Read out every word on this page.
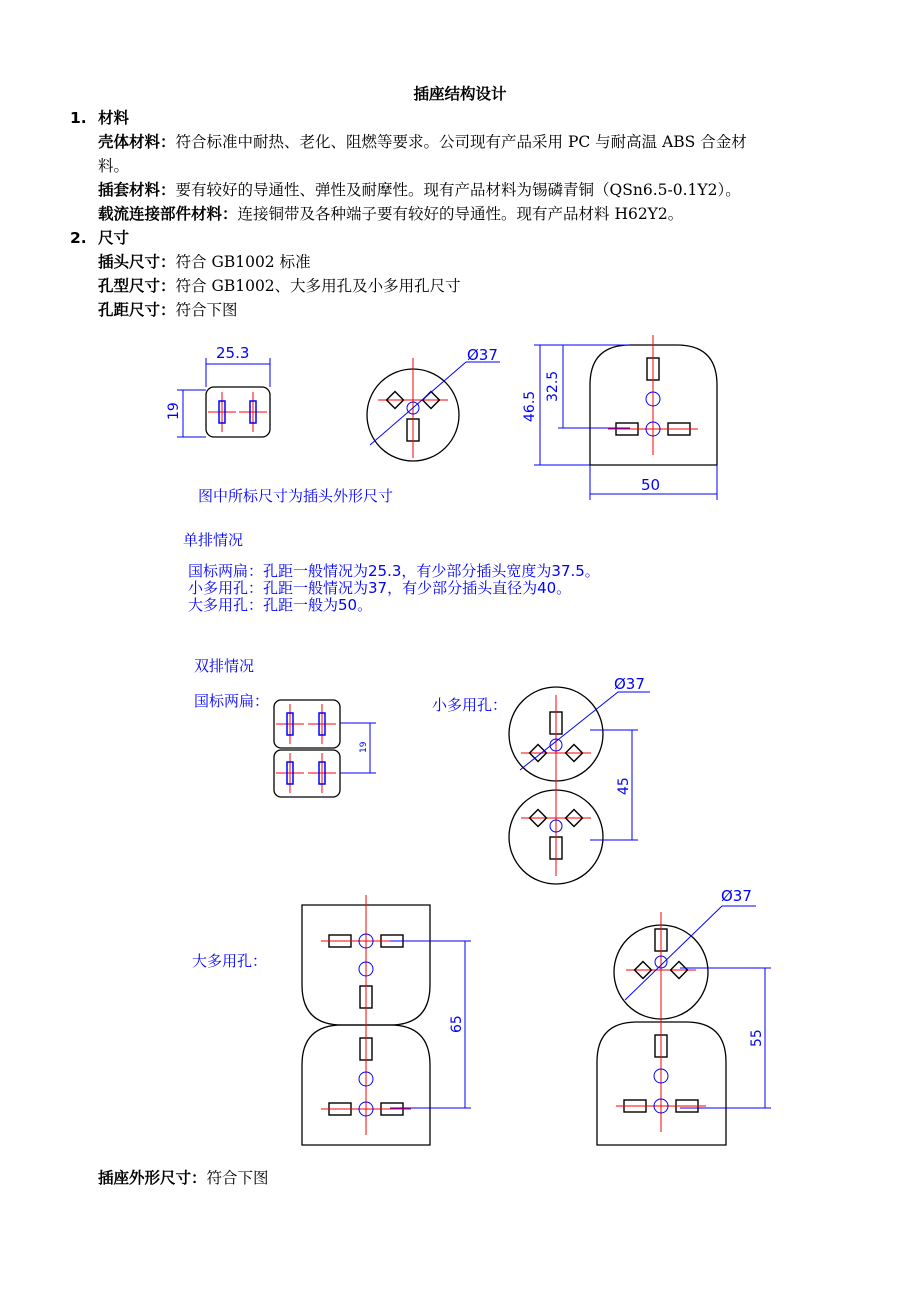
插座结构设计
1. 材料
壳体材料：符合标准中耐热、老化、阻燃等要求。公司现有产品采用 PC 与耐高温 ABS 合金材
料。
插套材料：要有较好的导通性、弹性及耐摩性。现有产品材料为锡磷青铜（QSn6.5-0.1Y2）。
载流连接部件材料：连接铜带及各种端子要有较好的导通性。现有产品材料 H62Y2。
2. 尺寸
插头尺寸：符合 GB1002 标准
孔型尺寸：符合 GB1002、大多用孔及小多用孔尺寸
孔距尺寸：符合下图
25.3
19
Ø37
46.5
32.5
50
图中所标尺寸为插头外形尺寸
单排情况
国标两扁：孔距一般情况为25.3，有少部分插头宽度为37.5。
小多用孔：孔距一般情况为37，有少部分插头直径为40。
大多用孔：孔距一般为50。
双排情况
国标两扁：
19
小多用孔：
Ø37
45
大多用孔：
65
Ø37
55
插座外形尺寸：符合下图
